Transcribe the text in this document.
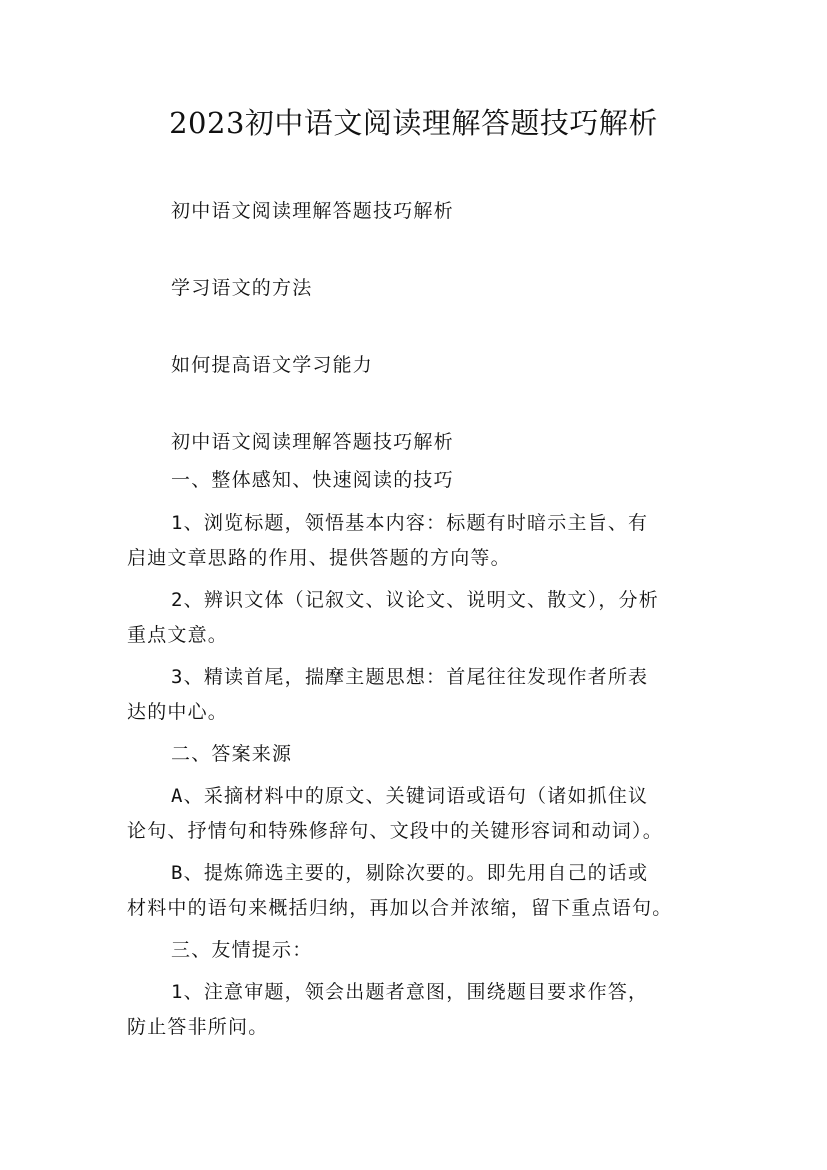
2023初中语文阅读理解答题技巧解析
初中语文阅读理解答题技巧解析
学习语文的方法
如何提高语文学习能力
初中语文阅读理解答题技巧解析
一、整体感知、快速阅读的技巧
1、浏览标题，领悟基本内容：标题有时暗示主旨、有
启迪文章思路的作用、提供答题的方向等。
2、辨识文体（记叙文、议论文、说明文、散文），分析
重点文意。
3、精读首尾，揣摩主题思想：首尾往往发现作者所表
达的中心。
二、答案来源
A、采摘材料中的原文、关键词语或语句（诸如抓住议
论句、抒情句和特殊修辞句、文段中的关键形容词和动词）。
B、提炼筛选主要的，剔除次要的。即先用自己的话或
材料中的语句来概括归纳，再加以合并浓缩，留下重点语句。
三、友情提示：
1、注意审题，领会出题者意图，围绕题目要求作答，
防止答非所问。
